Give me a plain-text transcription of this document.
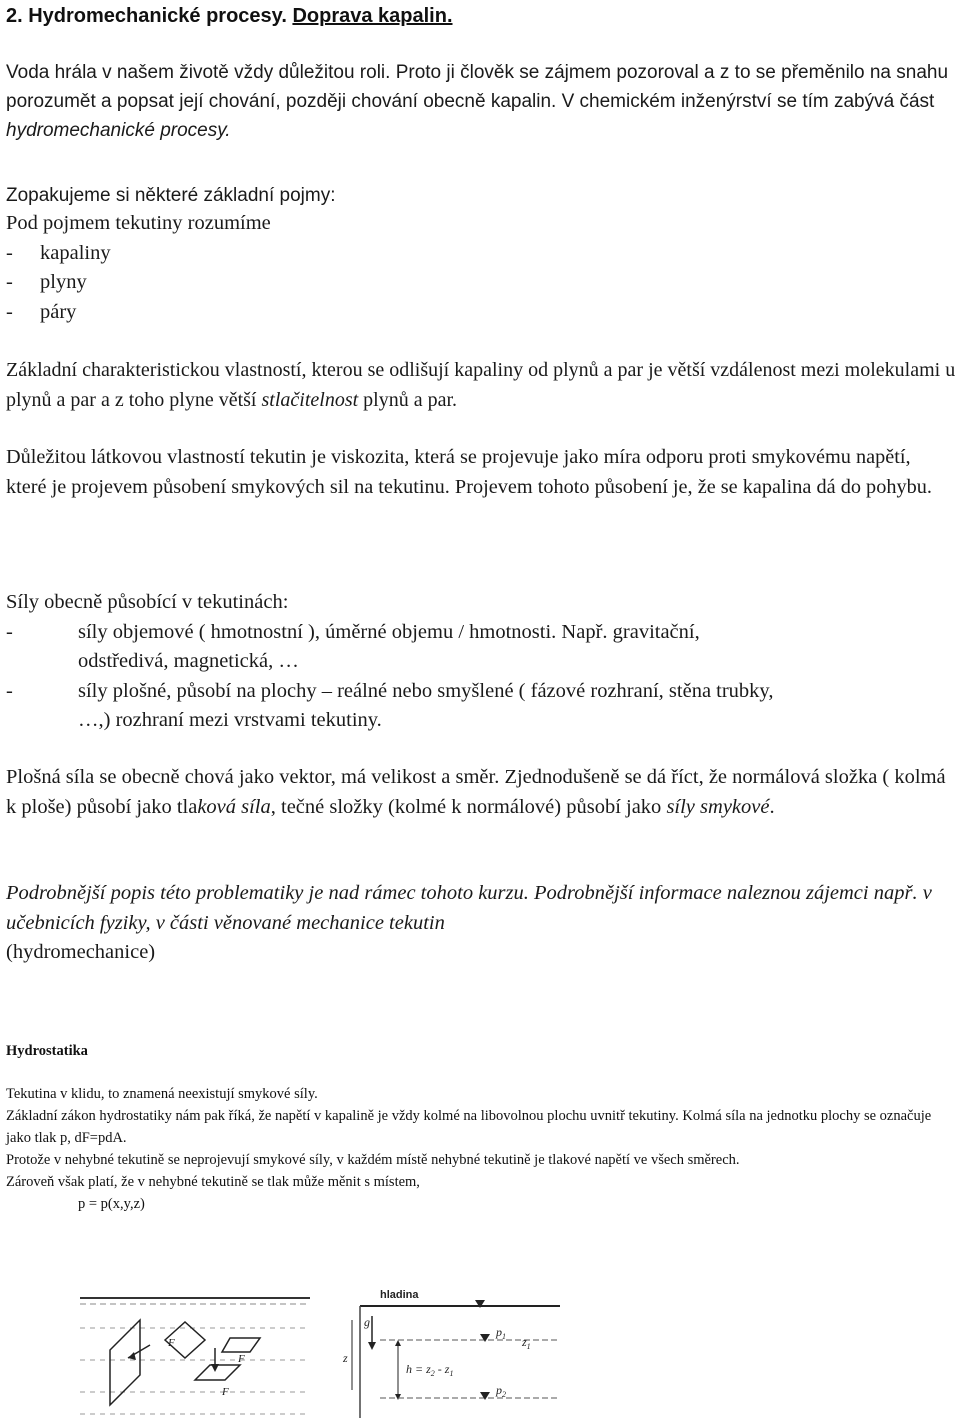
2. Hydromechanické procesy. Doprava kapalin.
Voda hrála v našem životě vždy důležitou roli. Proto ji člověk se zájmem pozoroval a z to se přeměnilo na snahu porozumět a popsat její chování, později chování obecně kapalin. V chemickém inženýrství se tím zabývá část hydromechanické procesy.
Zopakujeme si některé základní pojmy:
Pod pojmem tekutiny rozumíme
- kapaliny
- plyny
- páry
Základní charakteristickou vlastností, kterou se odlišují kapaliny od plynů a par je větší vzdálenost mezi molekulami u plynů a par a z toho plyne větší stlačitelnost plynů a par.
Důležitou látkovou vlastností tekutin je viskozita, která se projevuje jako míra odporu proti smykovému napětí, které je projevem působení smykových sil na tekutinu. Projevem tohoto působení je, že se kapalina dá do pohybu.
Síly obecně působící v tekutinách:
-	síly objemové ( hmotnostní ), úměrné objemu / hmotnosti. Např. gravitační,
odstředivá, magnetická, …
-	síly plošné, působí na plochy – reálné nebo smyšlené ( fázové rozhraní, stěna trubky,
…,) rozhraní mezi vrstvami tekutiny.
Plošná síla se obecně chová jako vektor, má velikost a směr. Zjednodušeně se dá říct, že normálová složka ( kolmá k ploše) působí jako tlaková síla, tečné složky (kolmé k normálové) působí jako síly smykové.
Podrobnější popis této problematiky je nad rámec tohoto kurzu. Podrobnější informace naleznou zájemci např. v učebnicích fyziky, v části věnované mechanice tekutin
(hydromechanice)
Hydrostatika
Tekutina v klidu, to znamená neexistují smykové síly.
Základní zákon hydrostatiky nám pak říká, že napětí v kapalině je vždy kolmé na libovolnou plochu uvnitř tekutiny. Kolmá síla na jednotku plochy se označuje jako tlak p, dF=pdA.
Protože v nehybné tekutině se neprojevují smykové síly, v každém místě nehybné tekutině je tlakové napětí ve všech směrech.
Zároveň však platí, že v nehybné tekutině se tlak může měnit s místem,
p = p(x,y,z)
F
F
F
hladina
g
z
$p_1$ $z_1$
$h = z_2 - z_1$
$p_2$
